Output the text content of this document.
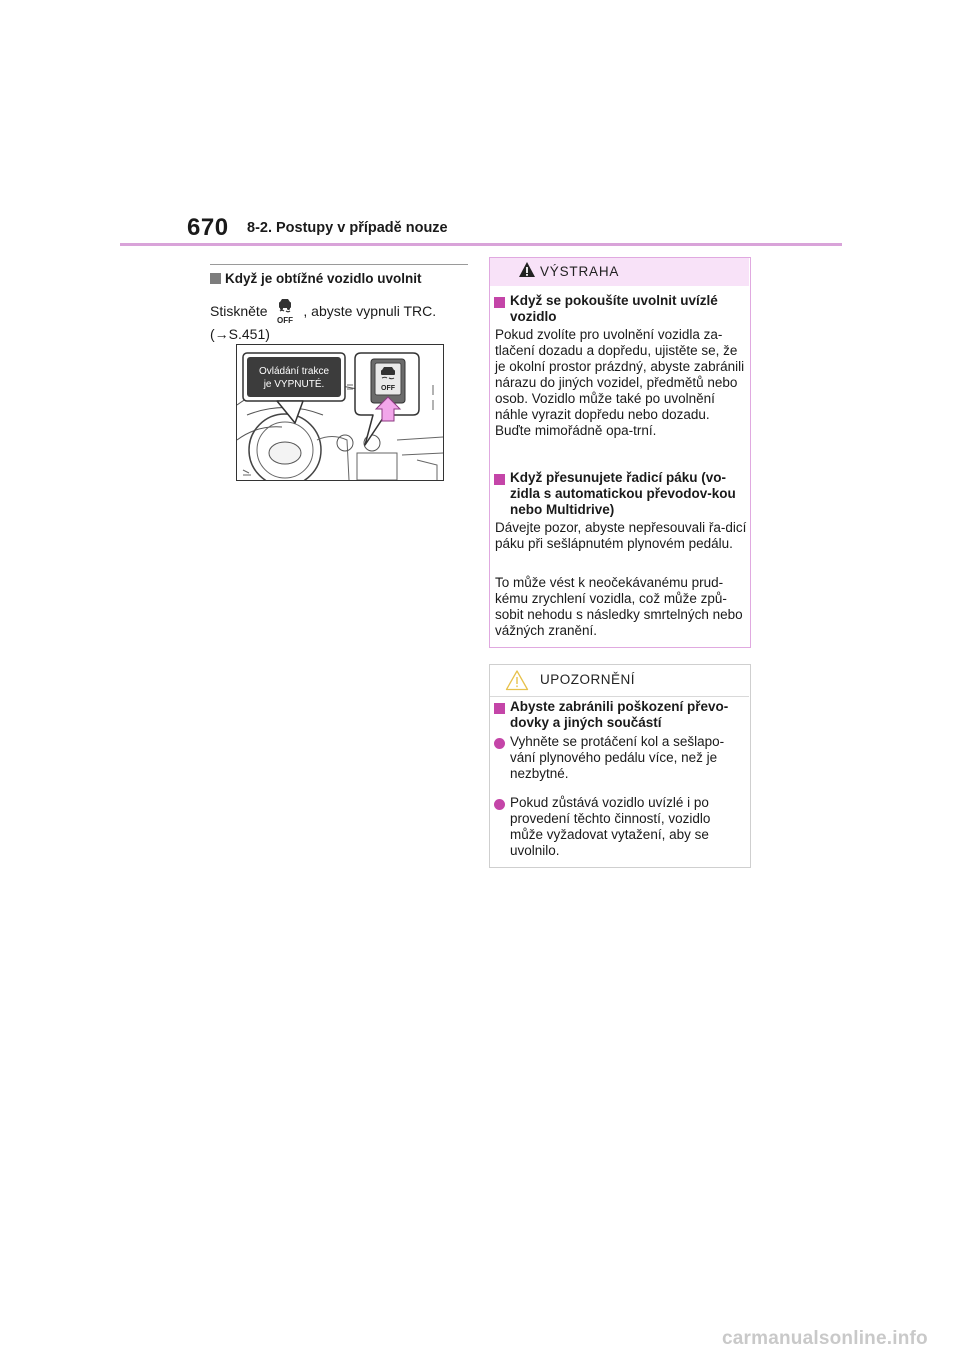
670 8-2. Postupy v případě nouze
Když je obtížné vozidlo uvolnit
Stiskněte
OFF
, abyste vypnuli TRC.
(→S.451)
Ovládání trakce
je VYPNUTÉ.	OFF
VÝSTRAHA
Když se pokoušíte uvolnit uvízlé vozidlo
Pokud zvolíte pro uvolnění vozidla za-tlačení dozadu a dopředu, ujistěte se, že je okolní prostor prázdný, abyste zabránili nárazu do jiných vozidel, předmětů nebo osob. Vozidlo může také po uvolnění náhle vyrazit dopředu nebo dozadu. Buďte mimořádně opa-trní.
Když přesunujete řadicí páku (vo-zidla s automatickou převodov-kou nebo Multidrive)
Dávejte pozor, abyste nepřesouvali řa-dicí páku při sešlápnutém plynovém pedálu.
To může vést k neočekávanému prud-kému zrychlení vozidla, což může způ-sobit nehodu s následky smrtelných nebo vážných zranění.
UPOZORNĚNÍ
Abyste zabránili poškození převo-dovky a jiných součástí
Vyhněte se protáčení kol a sešlapo-vání plynového pedálu více, než je nezbytné.
Pokud zůstává vozidlo uvízlé i po provedení těchto činností, vozidlo může vyžadovat vytažení, aby se uvolnilo.
carmanualsonline.info
